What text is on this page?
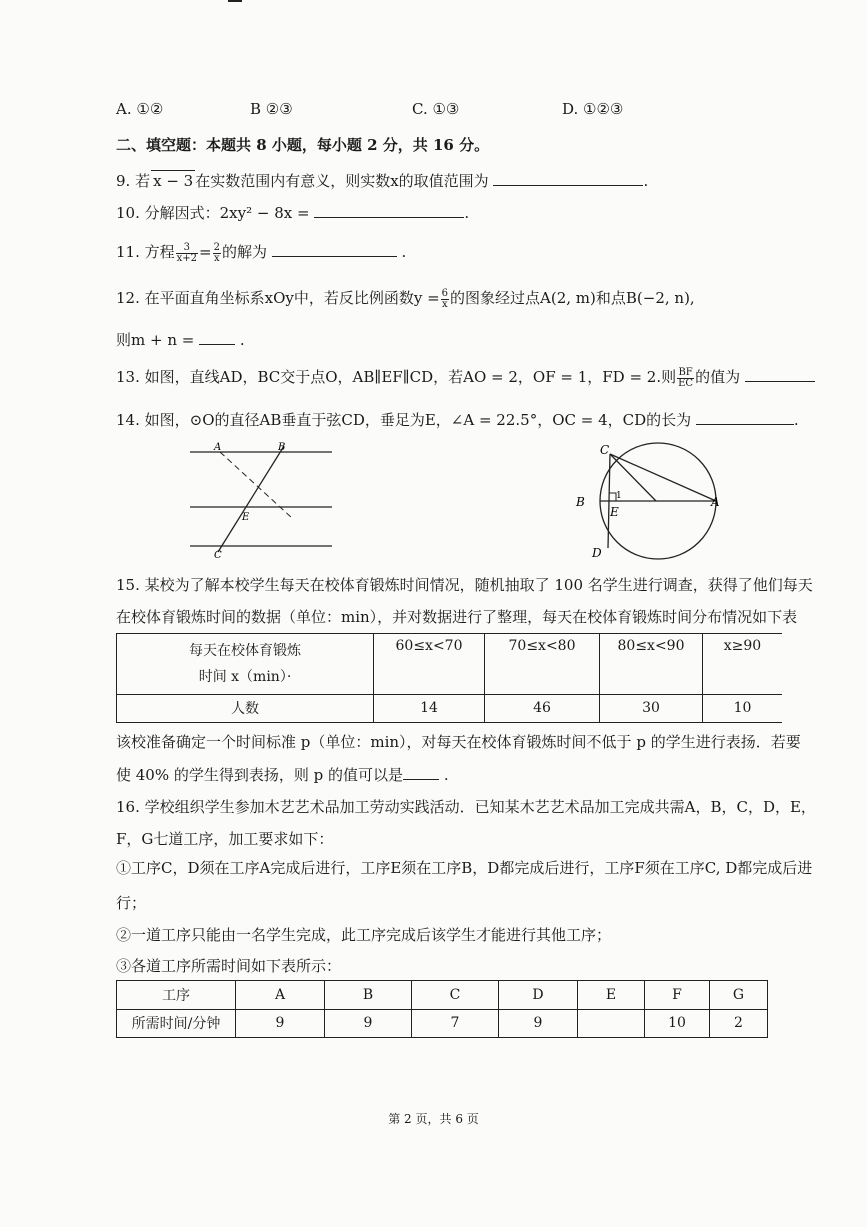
A. ①②	B ②③	C. ①③	D. ①②③
二、填空题：本题共 8 小题，每小题 2 分，共 16 分。
9. 若 x − 3 在实数范围内有意义，则实数x的取值范围为	.
10. 分解因式：2xy² − 8x =	.
11. 方程 $\frac{3}{x+2} = \frac{2}{x}$ 的解为	.
12. 在平面直角坐标系xOy中，若反比例函数$y = \frac{6}{x}$ 的图象经过点A(2, m)和点B(−2, n),
则m + n =	.
13. 如图，直线AD，BC交于点O，AB∥EF∥CD，若AO = 2，OF = 1，FD = 2.则 $\frac{BF}{EC}$ 的值为
14. 如图，⊙O的直径AB垂直于弦CD，垂足为E，∠A = 22.5°，OC = 4，CD的长为	.
A	B
E
C
C
B
E
1	A
D
15. 某校为了解本校学生每天在校体育锻炼时间情况，随机抽取了 100 名学生进行调查，获得了他们每天
在校体育锻炼时间的数据（单位：min），并对数据进行了整理，每天在校体育锻炼时间分布情况如下表
每天在校体育锻炼
时间 x（min）·	60≤x<70	70≤x<80	80≤x<90	x≥90
人数	14	46	30	10
该校准备确定一个时间标准 p（单位：min），对每天在校体育锻炼时间不低于 p 的学生进行表扬．若要
使 40% 的学生得到表扬，则 p 的值可以是	.
16. 学校组织学生参加木艺艺术品加工劳动实践活动．已知某木艺艺术品加工完成共需A，B，C，D，E，
F，G七道工序，加工要求如下：
①工序C，D须在工序A完成后进行，工序E须在工序B，D都完成后进行，工序F须在工序C, D都完成后进
行；
②一道工序只能由一名学生完成，此工序完成后该学生才能进行其他工序；
③各道工序所需时间如下表所示：
工序	A	B	C	D	E	F	G
所需时间/分钟	9	9	7	9		10	2
第 2 页，共 6 页
